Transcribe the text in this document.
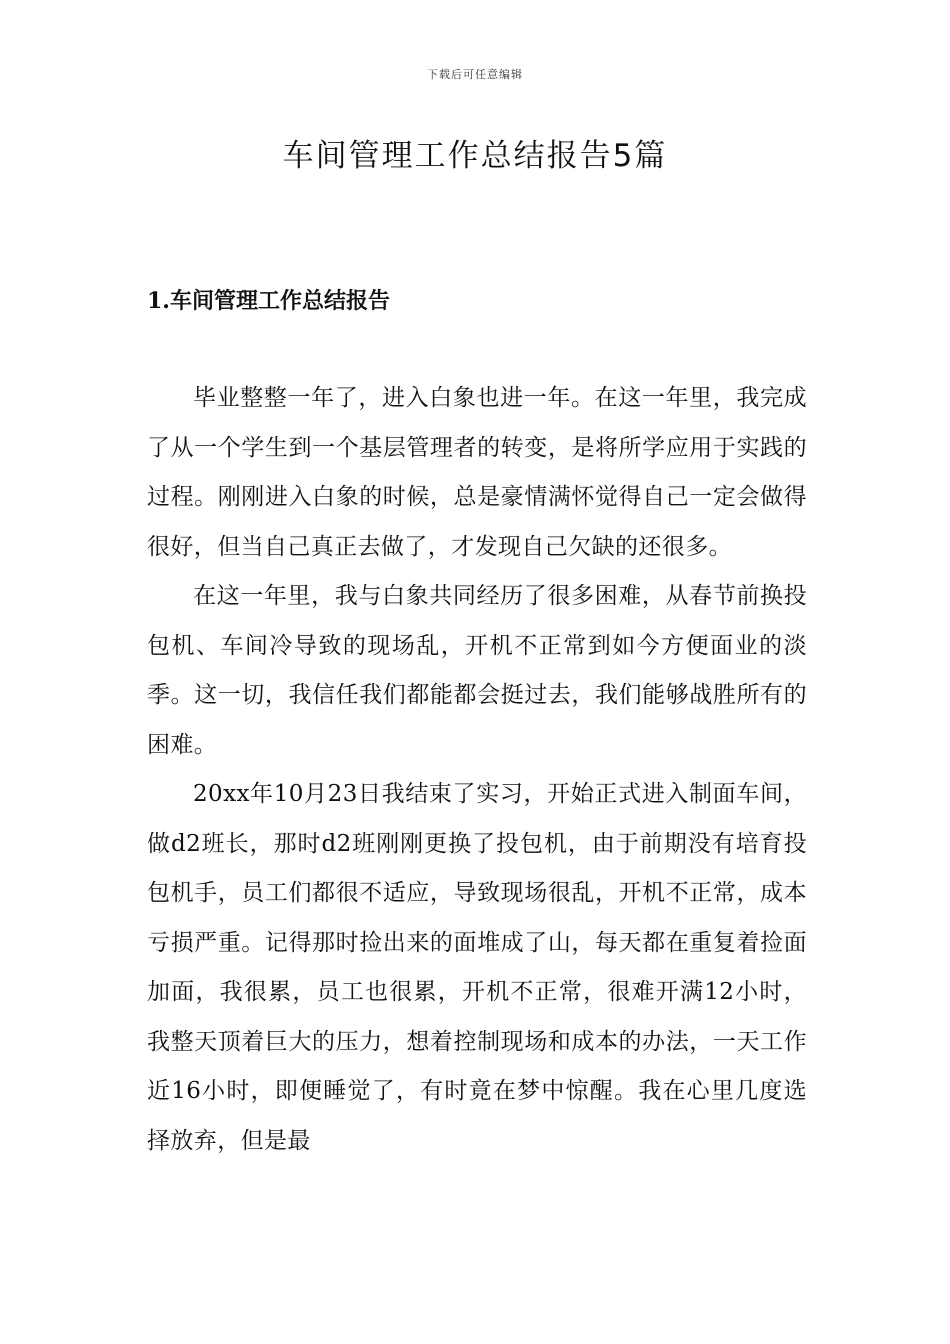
下载后可任意编辑
车间管理工作总结报告5篇
1.车间管理工作总结报告

毕业整整一年了，进入白象也进一年。在这一年里，我完成了从一个学生到一个基层管理者的转变，是将所学应用于实践的过程。刚刚进入白象的时候，总是豪情满怀觉得自己一定会做得很好，但当自己真正去做了，才发现自己欠缺的还很多。

在这一年里，我与白象共同经历了很多困难，从春节前换投包机、车间冷导致的现场乱，开机不正常到如今方便面业的淡季。这一切，我信任我们都能都会挺过去，我们能够战胜所有的困难。

20xx年10月23日我结束了实习，开始正式进入制面车间，做d2班长，那时d2班刚刚更换了投包机，由于前期没有培育投包机手，员工们都很不适应，导致现场很乱，开机不正常，成本亏损严重。记得那时捡出来的面堆成了山，每天都在重复着捡面加面，我很累，员工也很累，开机不正常，很难开满12小时，我整天顶着巨大的压力，想着控制现场和成本的办法，一天工作近16小时，即便睡觉了，有时竟在梦中惊醒。我在心里几度选择放弃，但是最
